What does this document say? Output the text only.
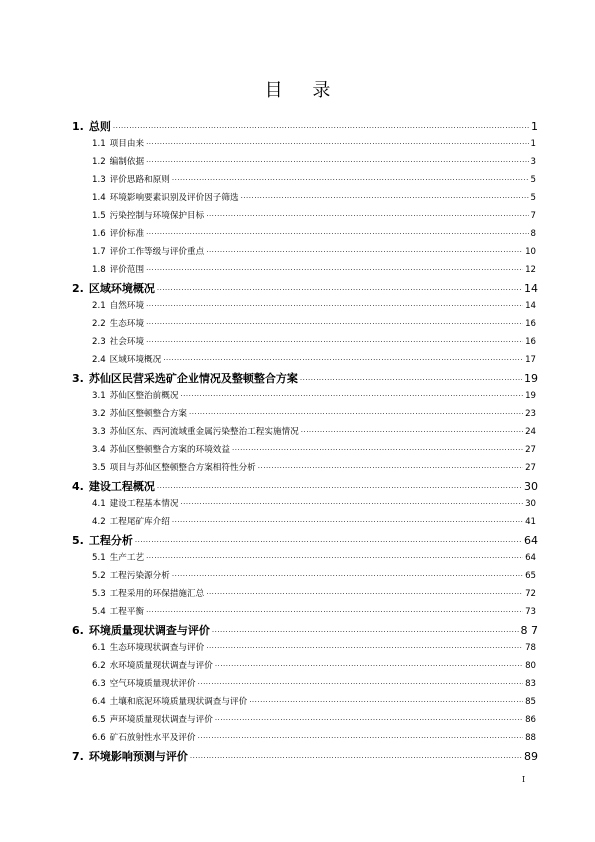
目 录
1. 总则 ·····	1
1.1 项目由来 ·····	1
1.2 编制依据 ·····	3
1.3 评价思路和原则 ·····	5
1.4 环境影响要素识别及评价因子筛选 ·····	5
1.5 污染控制与环境保护目标 ·····	7
1.6 评价标准 ·····	8
1.7 评价工作等级与评价重点 ·····	10
1.8 评价范围 ·····	12
2. 区域环境概况 ·····	14
2.1 自然环境 ·····	14
2.2 生态环境 ·····	16
2.3 社会环境 ·····	16
2.4 区域环境概况 ·····	17
3. 苏仙区民营采选矿企业情况及整顿整合方案 ·····	19
3.1 苏仙区整治前概况 ·····	19
3.2 苏仙区整顿整合方案 ·····	23
3.3 苏仙区东、西河流域重金属污染整治工程实施情况 ·····	24
3.4 苏仙区整顿整合方案的环境效益 ·····	27
3.5 项目与苏仙区整顿整合方案相符性分析 ·····	27
4. 建设工程概况 ·····	30
4.1 建设工程基本情况 ·····	30
4.2 工程尾矿库介绍 ·····	41
5. 工程分析 ·····	64
5.1 生产工艺 ·····	64
5.2 工程污染源分析 ·····	65
5.3 工程采用的环保措施汇总 ·····	72
5.4 工程平衡 ·····	73
6. 环境质量现状调查与评价 ·····	8 7
6.1 生态环境现状调查与评价 ·····	78
6.2 水环境质量现状调查与评价 ·····	80
6.3 空气环境质量现状评价 ·····	83
6.4 土壤和底泥环境质量现状调查与评价 ·····	85
6.5 声环境质量现状调查与评价 ·····	86
6.6 矿石放射性水平及评价 ·····	88
7. 环境影响预测与评价 ·····	89
I
